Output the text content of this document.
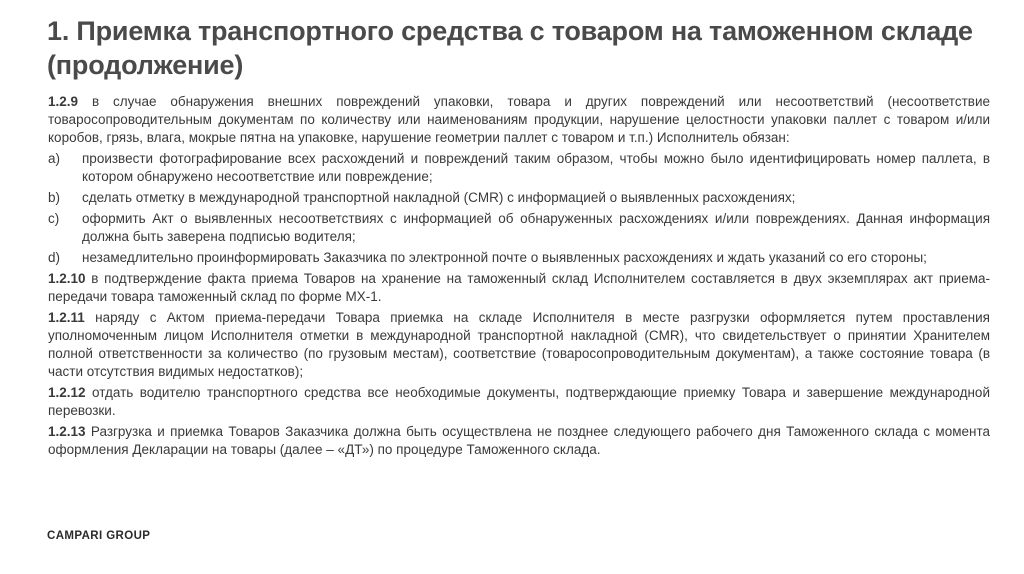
1. Приемка транспортного средства с товаром на таможенном складе (продолжение)

1.2.9 в случае обнаружения внешних повреждений упаковки, товара и других повреждений или несоответствий (несоответствие товаросопроводительным документам по количеству или наименованиям продукции, нарушение целостности упаковки паллет с товаром и/или коробов, грязь, влага, мокрые пятна на упаковке, нарушение геометрии паллет с товаром и т.п.) Исполнитель обязан:

a)	произвести фотографирование всех расхождений и повреждений таким образом, чтобы можно было идентифицировать номер паллета, в котором обнаружено несоответствие или повреждение;
b)	сделать отметку в международной транспортной накладной (CMR) с информацией о выявленных расхождениях;
c)	оформить Акт о выявленных несоответствиях с информацией об обнаруженных расхождениях и/или повреждениях. Данная информация должна быть заверена подписью водителя;
d)	незамедлительно проинформировать Заказчика по электронной почте о выявленных расхождениях и ждать указаний со его стороны;

1.2.10 в подтверждение факта приема Товаров на хранение на таможенный склад Исполнителем составляется в двух экземплярах акт приема-передачи товара таможенный склад по форме МХ-1.

1.2.11 наряду с Актом приема-передачи Товара приемка на складе Исполнителя в месте разгрузки оформляется путем проставления уполномоченным лицом Исполнителя отметки в международной транспортной накладной (CMR), что свидетельствует о принятии Хранителем полной ответственности за количество (по грузовым местам), соответствие (товаросопроводительным документам), а также состояние товара (в части отсутствия видимых недостатков);

1.2.12 отдать водителю транспортного средства все необходимые документы, подтверждающие приемку Товара и завершение международной перевозки.

1.2.13 Разгрузка и приемка Товаров Заказчика должна быть осуществлена не позднее следующего рабочего дня Таможенного склада с момента оформления Декларации на товары (далее – «ДТ») по процедуре Таможенного склада.

CAMPARI GROUP
